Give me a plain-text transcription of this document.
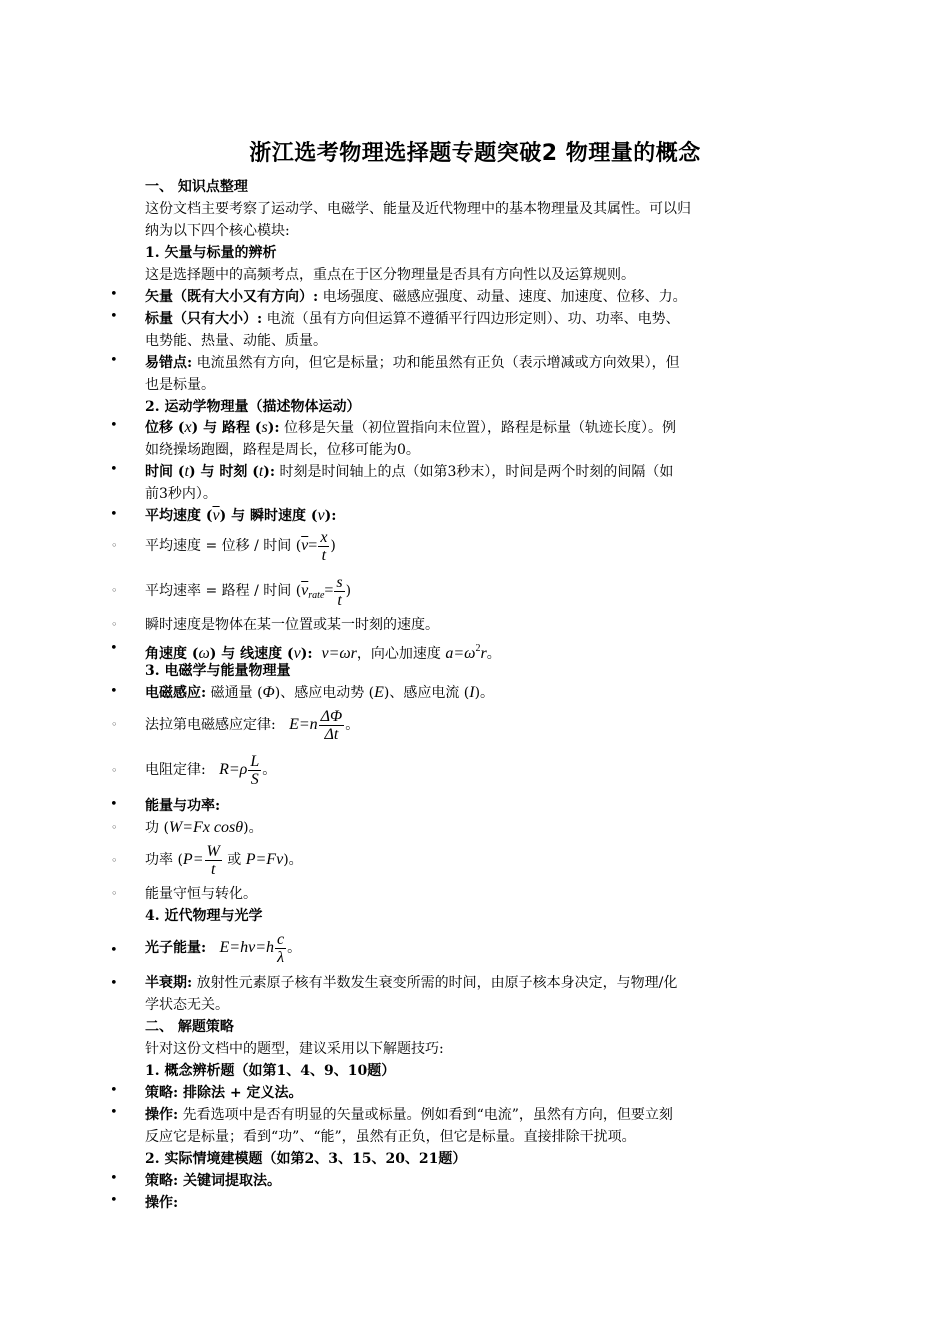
浙江选考物理选择题专题突破2 物理量的概念
一、 知识点整理
这份文档主要考察了运动学、电磁学、能量及近代物理中的基本物理量及其属性。可以归
纳为以下四个核心模块:
1. 矢量与标量的辨析
这是选择题中的高频考点，重点在于区分物理量是否具有方向性以及运算规则。
• 矢量（既有大小又有方向）: 电场强度、磁感应强度、动量、速度、加速度、位移、力。
• 标量（只有大小）: 电流（虽有方向但运算不遵循平行四边形定则）、功、功率、电势、
电势能、热量、动能、质量。
• 易错点: 电流虽然有方向，但它是标量；功和能虽然有正负（表示增减或方向效果），但
也是标量。
2. 运动学物理量（描述物体运动）
• 位移 (x) 与 路程 (s): 位移是矢量（初位置指向末位置），路程是标量（轨迹长度）。例
如绕操场跑圈，路程是周长，位移可能为0。
• 时间 (t) 与 时刻 (t): 时刻是时间轴上的点（如第3秒末），时间是两个时刻的间隔（如
前3秒内）。
• 平均速度 $(\overline{v})$ 与 瞬时速度 (v):
◦ 平均速度 = 位移 / 时间 ($\overline{v}= \frac{x}{t}$ )
◦ 平均速率 = 路程 / 时间 ($\overline{v}_{rate}= \frac{s}{t}$ )
◦ 瞬时速度是物体在某一位置或某一时刻的速度。
• 角速度 (ω) 与 线速度 (v): v=ωr，向心加速度 $a=\omega^2r$。
3. 电磁学与能量物理量
• 电磁感应: 磁通量 (Φ)、感应电动势 (E)、感应电流 (I)。
◦ 法拉第电磁感应定律: $E=n \frac{\Delta\Phi}{\Delta t}$ 。
◦ 电阻定律: $R=\rho \frac{L}{S}$ 。
• 能量与功率:
◦ 功 (W=Fx cosθ)。
◦ 功率 ($P= \frac{W}{t}$ 或 P=Fv)。
◦ 能量守恒与转化。
4. 近代物理与光学
• 光子能量: $E=h\nu=h \frac{c}{\lambda}$ 。
• 半衰期: 放射性元素原子核有半数发生衰变所需的时间，由原子核本身决定，与物理/化
学状态无关。
二、 解题策略
针对这份文档中的题型，建议采用以下解题技巧:
1. 概念辨析题（如第1、4、9、10题）
• 策略: 排除法 + 定义法。
• 操作: 先看选项中是否有明显的矢量或标量。例如看到“电流”，虽然有方向，但要立刻
反应它是标量；看到“功”、“能”，虽然有正负，但它是标量。直接排除干扰项。
2. 实际情境建模题（如第2、3、15、20、21题）
• 策略: 关键词提取法。
• 操作:
